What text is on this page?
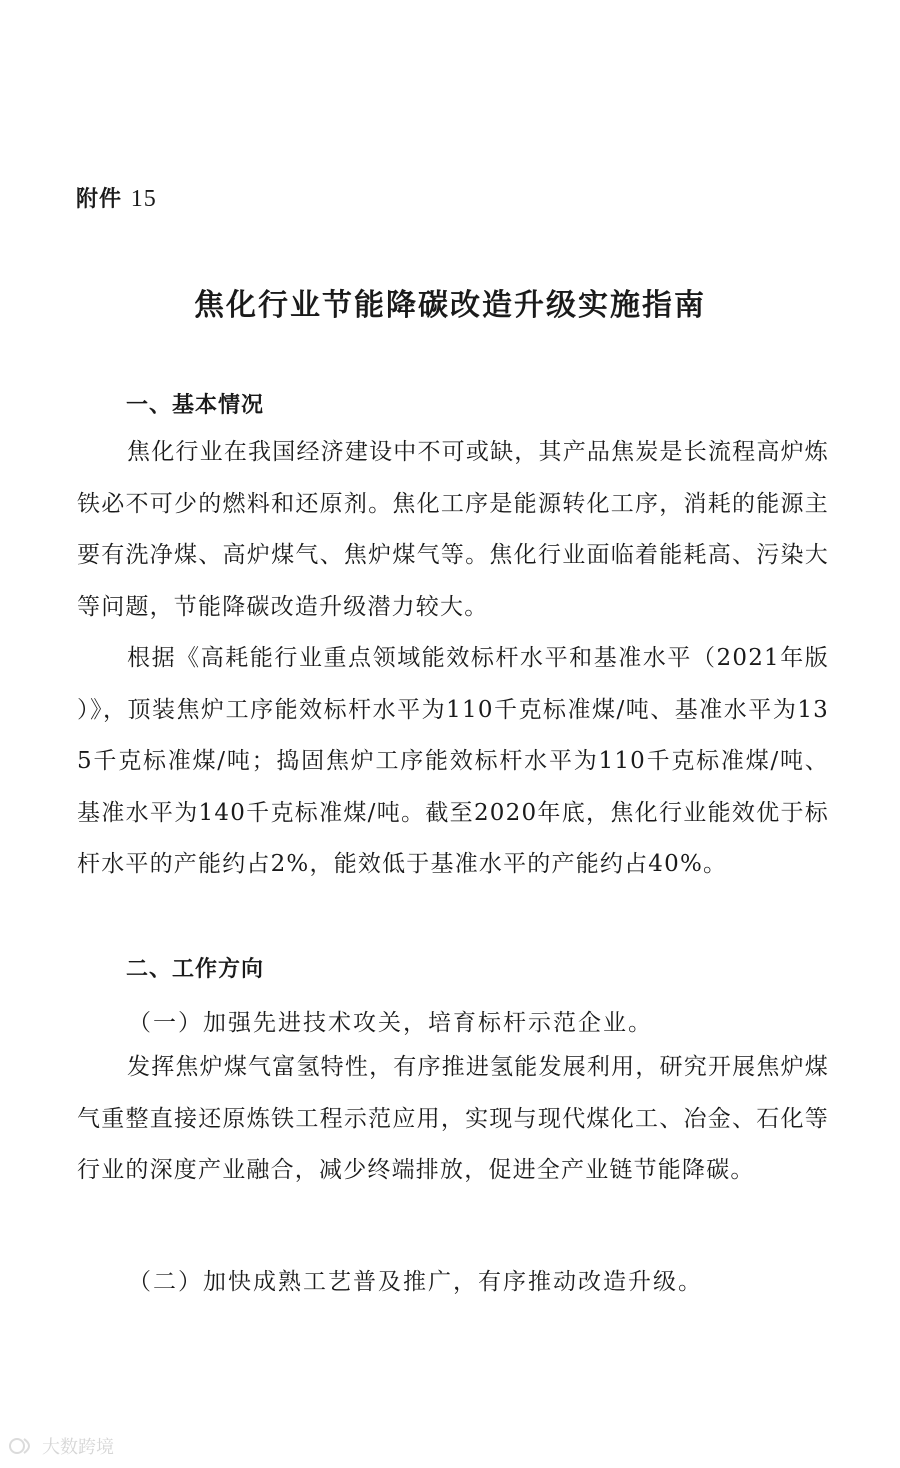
附件 15
焦化行业节能降碳改造升级实施指南
一、基本情况
焦化行业在我国经济建设中不可或缺，其产品焦炭是长流程高炉炼铁必不可少的燃料和还原剂。焦化工序是能源转化工序，消耗的能源主要有洗净煤、高炉煤气、焦炉煤气等。焦化行业面临着能耗高、污染大等问题，节能降碳改造升级潜力较大。
根据《高耗能行业重点领域能效标杆水平和基准水平（2021年版）》，顶装焦炉工序能效标杆水平为110千克标准煤/吨、基准水平为135千克标准煤/吨；捣固焦炉工序能效标杆水平为110千克标准煤/吨、基准水平为140千克标准煤/吨。截至2020年底，焦化行业能效优于标杆水平的产能约占2%，能效低于基准水平的产能约占40%。
二、工作方向
（一）加强先进技术攻关，培育标杆示范企业。
发挥焦炉煤气富氢特性，有序推进氢能发展利用，研究开展焦炉煤气重整直接还原炼铁工程示范应用，实现与现代煤化工、冶金、石化等行业的深度产业融合，减少终端排放，促进全产业链节能降碳。
（二）加快成熟工艺普及推广，有序推动改造升级。
大数跨境
